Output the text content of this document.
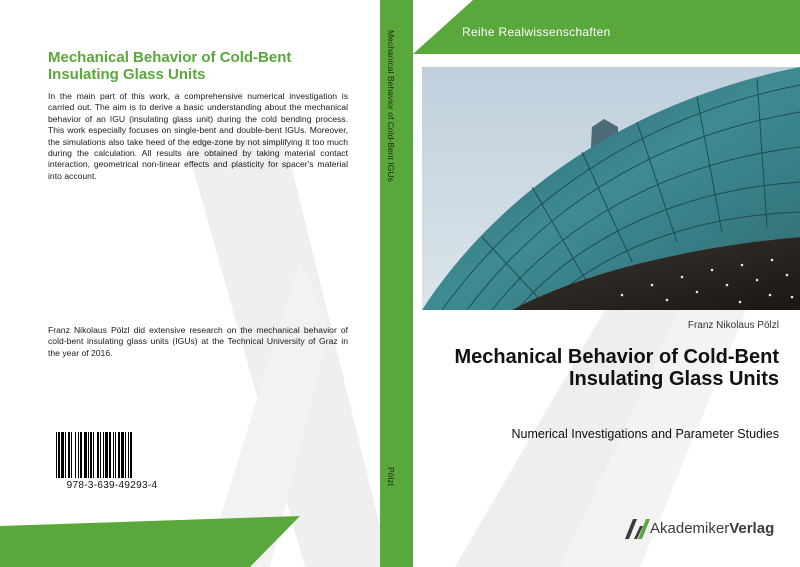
Mechanical Behavior of Cold-Bent Insulating Glass Units
In the main part of this work, a comprehensive numerical investigation is carried out. The aim is to derive a basic understanding about the mechanical behavior of an IGU (insulating glass unit) during the cold bending process. This work especially focuses on single-bent and double-bent IGUs. Moreover, the simulations also take heed of the edge-zone by not simplifying it too much during the calculation. All results are obtained by taking material contact interaction, geometrical non-linear effects and plasticity for spacer's material into account.
Franz Nikolaus Pölzl did extensive research on the mechanical behavior of cold-bent insulating glass units (IGUs) at the Technical University of Graz in the year of 2016.
978-3-639-49293-4
Mechanical Behavior of Cold-Bent IGUs
Pölzl
Reihe Realwissenschaften
Franz Nikolaus Pölzl
Mechanical Behavior of Cold-Bent Insulating Glass Units
Numerical Investigations and Parameter Studies
AkademikerVerlag
